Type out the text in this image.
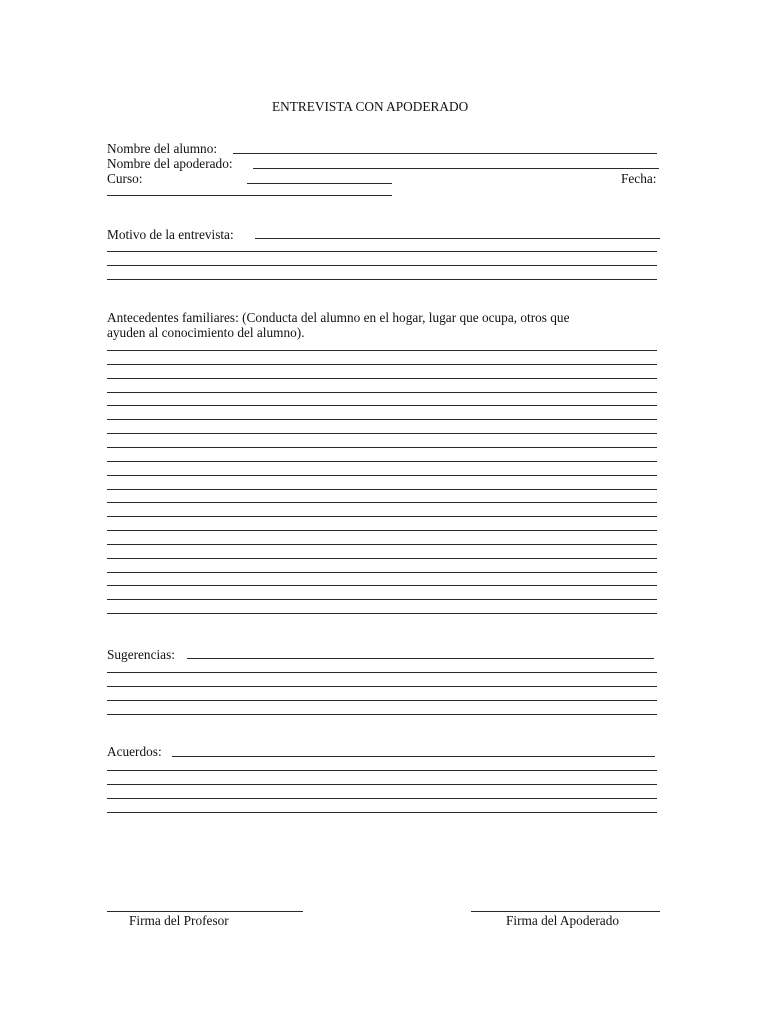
ENTREVISTA CON APODERADO
Nombre del alumno:
Nombre del apoderado:
Curso:	Fecha:
Motivo de la entrevista:
Antecedentes familiares: (Conducta del alumno en el hogar, lugar que ocupa, otros que
ayuden al conocimiento del alumno).
Sugerencias:
Acuerdos:
Firma del Profesor	Firma del Apoderado
